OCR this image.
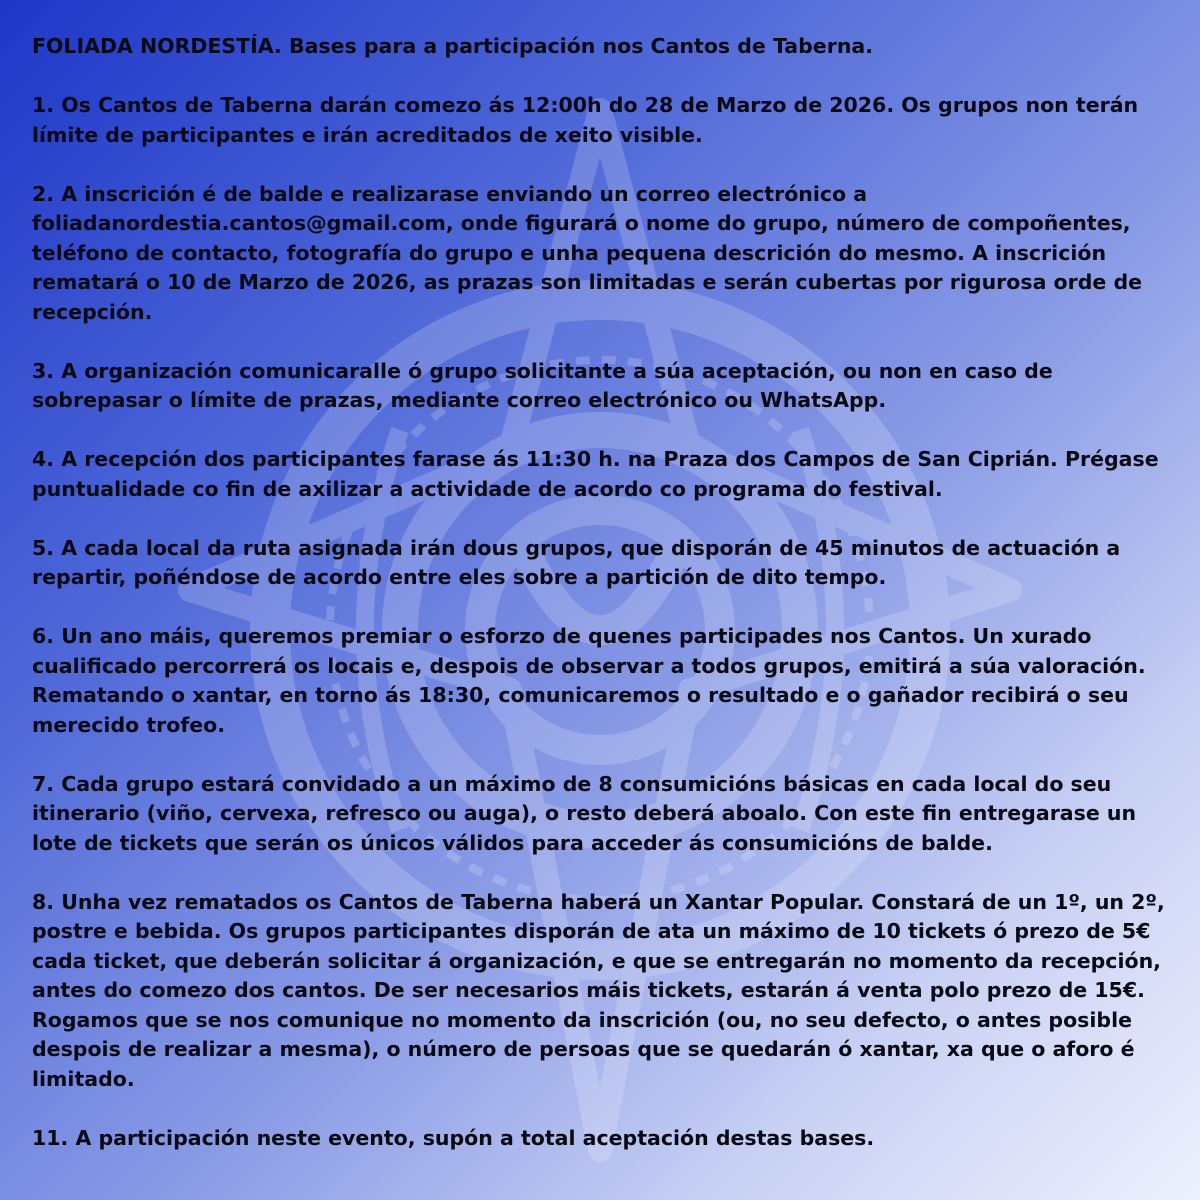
FOLIADA NORDESTÍA. Bases para a participación nos Cantos de Taberna.

1. Os Cantos de Taberna darán comezo ás 12:00h do 28 de Marzo de 2026. Os grupos non terán límite de participantes e irán acreditados de xeito visible.

2. A inscrición é de balde e realizarase enviando un correo electrónico a foliadanordestia.cantos@gmail.com, onde figurará o nome do grupo, número de compoñentes, teléfono de contacto, fotografía do grupo e unha pequena descrición do mesmo. A inscrición rematará o 10 de Marzo de 2026, as prazas son limitadas e serán cubertas por rigurosa orde de recepción.

3. A organización comunicaralle ó grupo solicitante a súa aceptación, ou non en caso de sobrepasar o límite de prazas, mediante correo electrónico ou WhatsApp.

4. A recepción dos participantes farase ás 11:30 h. na Praza dos Campos de San Ciprián. Prégase puntualidade co fin de axilizar a actividade de acordo co programa do festival.

5. A cada local da ruta asignada irán dous grupos, que disporán de 45 minutos de actuación a repartir, poñéndose de acordo entre eles sobre a partición de dito tempo.

6. Un ano máis, queremos premiar o esforzo de quenes participades nos Cantos. Un xurado cualificado percorrerá os locais e, despois de observar a todos grupos, emitirá a súa valoración. Rematando o xantar, en torno ás 18:30, comunicaremos o resultado e o gañador recibirá o seu merecido trofeo.

7. Cada grupo estará convidado a un máximo de 8 consumicións básicas en cada local do seu itinerario (viño, cervexa, refresco ou auga), o resto deberá aboalo. Con este fin entregarase un lote de tickets que serán os únicos válidos para acceder ás consumicións de balde.

8. Unha vez rematados os Cantos de Taberna haberá un Xantar Popular. Constará de un 1º, un 2º, postre e bebida. Os grupos participantes disporán de ata un máximo de 10 tickets ó prezo de 5€ cada ticket, que deberán solicitar á organización, e que se entregarán no momento da recepción, antes do comezo dos cantos. De ser necesarios máis tickets, estarán á venta polo prezo de 15€. Rogamos que se nos comunique no momento da inscrición (ou, no seu defecto, o antes posible despois de realizar a mesma), o número de persoas que se quedarán ó xantar, xa que o aforo é limitado.

11. A participación neste evento, supón a total aceptación destas bases.
